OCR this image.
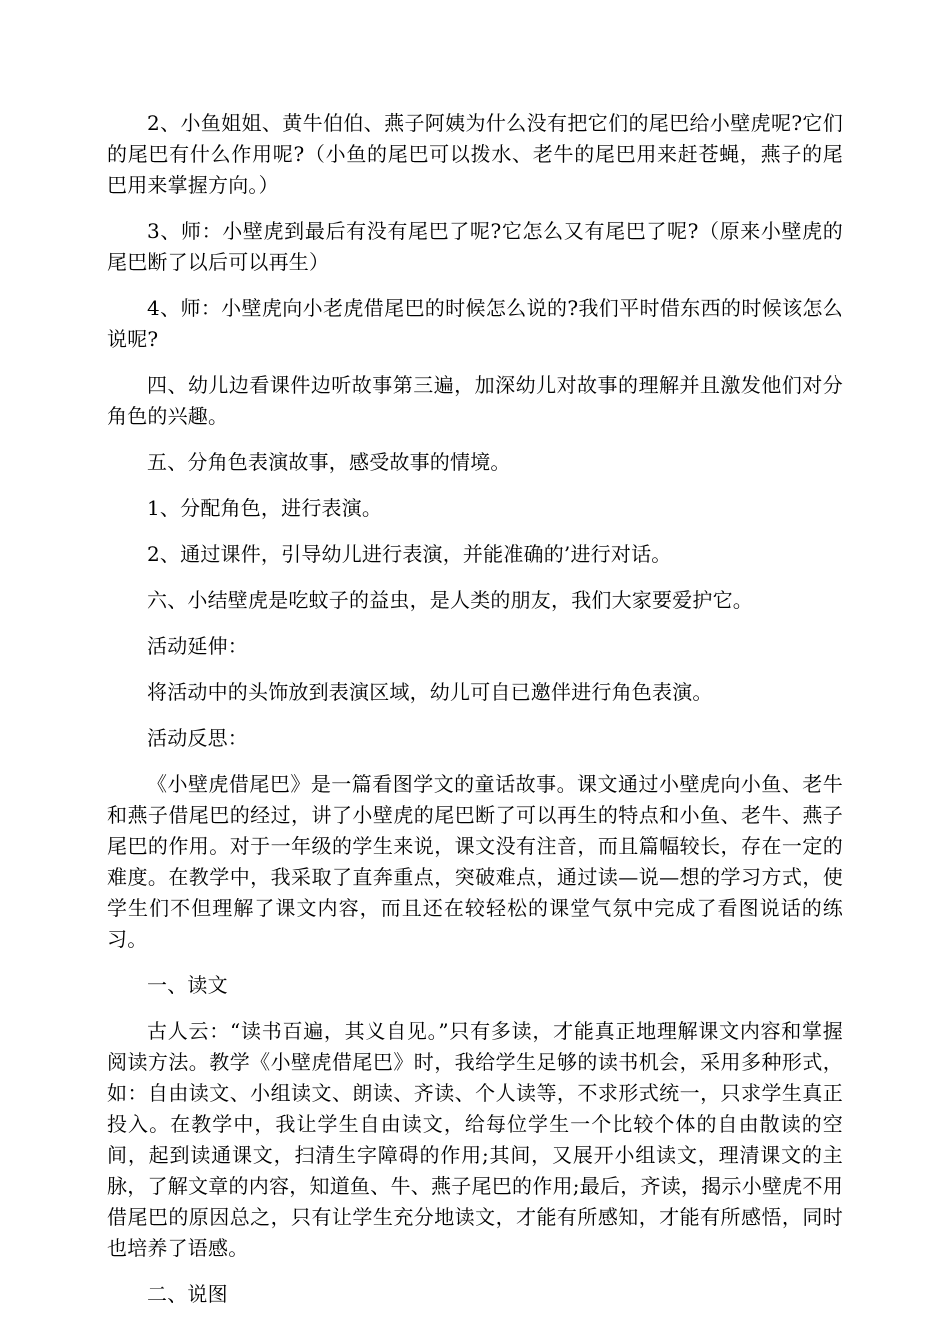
2、小鱼姐姐、黄牛伯伯、燕子阿姨为什么没有把它们的尾巴给小壁虎呢?它们的尾巴有什么作用呢?（小鱼的尾巴可以拨水、老牛的尾巴用来赶苍蝇，燕子的尾巴用来掌握方向。）

3、师：小壁虎到最后有没有尾巴了呢?它怎么又有尾巴了呢?（原来小壁虎的尾巴断了以后可以再生）

4、师：小壁虎向小老虎借尾巴的时候怎么说的?我们平时借东西的时候该怎么说呢?

四、幼儿边看课件边听故事第三遍，加深幼儿对故事的理解并且激发他们对分角色的兴趣。

五、分角色表演故事，感受故事的情境。

1、分配角色，进行表演。

2、通过课件，引导幼儿进行表演，并能准确的’进行对话。

六、小结壁虎是吃蚊子的益虫，是人类的朋友，我们大家要爱护它。

活动延伸：

将活动中的头饰放到表演区域，幼儿可自已邀伴进行角色表演。

活动反思：

《小壁虎借尾巴》是一篇看图学文的童话故事。课文通过小壁虎向小鱼、老牛和燕子借尾巴的经过，讲了小壁虎的尾巴断了可以再生的特点和小鱼、老牛、燕子尾巴的作用。对于一年级的学生来说，课文没有注音，而且篇幅较长，存在一定的难度。在教学中，我采取了直奔重点，突破难点，通过读—说—想的学习方式，使学生们不但理解了课文内容，而且还在较轻松的课堂气氛中完成了看图说话的练习。

一、读文

古人云：“读书百遍，其义自见。”只有多读，才能真正地理解课文内容和掌握阅读方法。教学《小壁虎借尾巴》时，我给学生足够的读书机会，采用多种形式，如：自由读文、小组读文、朗读、齐读、个人读等，不求形式统一，只求学生真正投入。在教学中，我让学生自由读文，给每位学生一个比较个体的自由散读的空间，起到读通课文，扫清生字障碍的作用;其间，又展开小组读文，理清课文的主脉，了解文章的内容，知道鱼、牛、燕子尾巴的作用;最后，齐读，揭示小壁虎不用借尾巴的原因总之，只有让学生充分地读文，才能有所感知，才能有所感悟，同时也培养了语感。

二、说图
